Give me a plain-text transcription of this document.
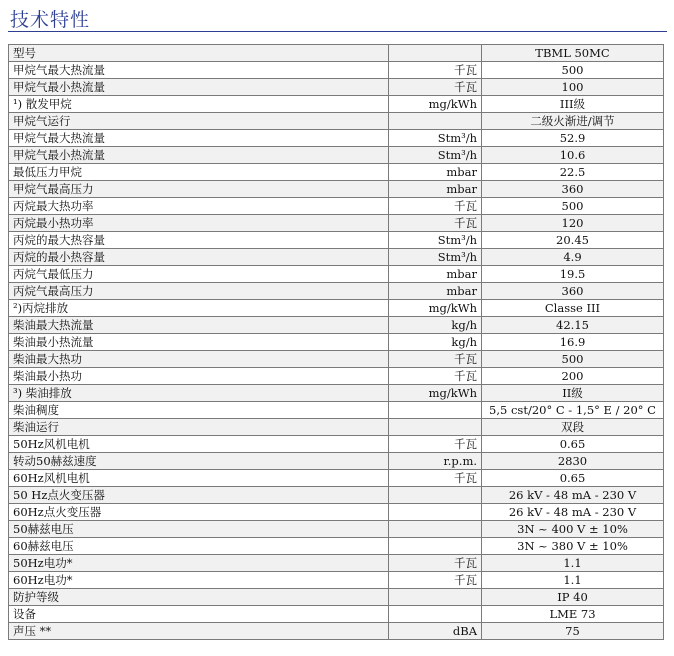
技术特性
型号		TBML 50MC
甲烷气最大热流量	千瓦	500
甲烷气最小热流量	千瓦	100
¹) 散发甲烷	mg/kWh	III级
甲烷气运行		二级火渐进/调节
甲烷气最大热流量	Stm³/h	52.9
甲烷气最小热流量	Stm³/h	10.6
最低压力甲烷	mbar	22.5
甲烷气最高压力	mbar	360
丙烷最大热功率	千瓦	500
丙烷最小热功率	千瓦	120
丙烷的最大热容量	Stm³/h	20.45
丙烷的最小热容量	Stm³/h	4.9
丙烷气最低压力	mbar	19.5
丙烷气最高压力	mbar	360
²)丙烷排放	mg/kWh	Classe III
柴油最大热流量	kg/h	42.15
柴油最小热流量	kg/h	16.9
柴油最大热功	千瓦	500
柴油最小热功	千瓦	200
³) 柴油排放	mg/kWh	II级
柴油稠度		5,5 cst/20° C - 1,5° E / 20° C
柴油运行		双段
50Hz风机电机	千瓦	0.65
转动50赫兹速度	r.p.m.	2830
60Hz风机电机	千瓦	0.65
50 Hz点火变压器		26 kV - 48 mA - 230 V
60Hz点火变压器		26 kV - 48 mA - 230 V
50赫兹电压		3N ~ 400 V ± 10%
60赫兹电压		3N ~ 380 V ± 10%
50Hz电功*	千瓦	1.1
60Hz电功*	千瓦	1.1
防护等级		IP 40
设备		LME 73
声压 **	dBA	75
